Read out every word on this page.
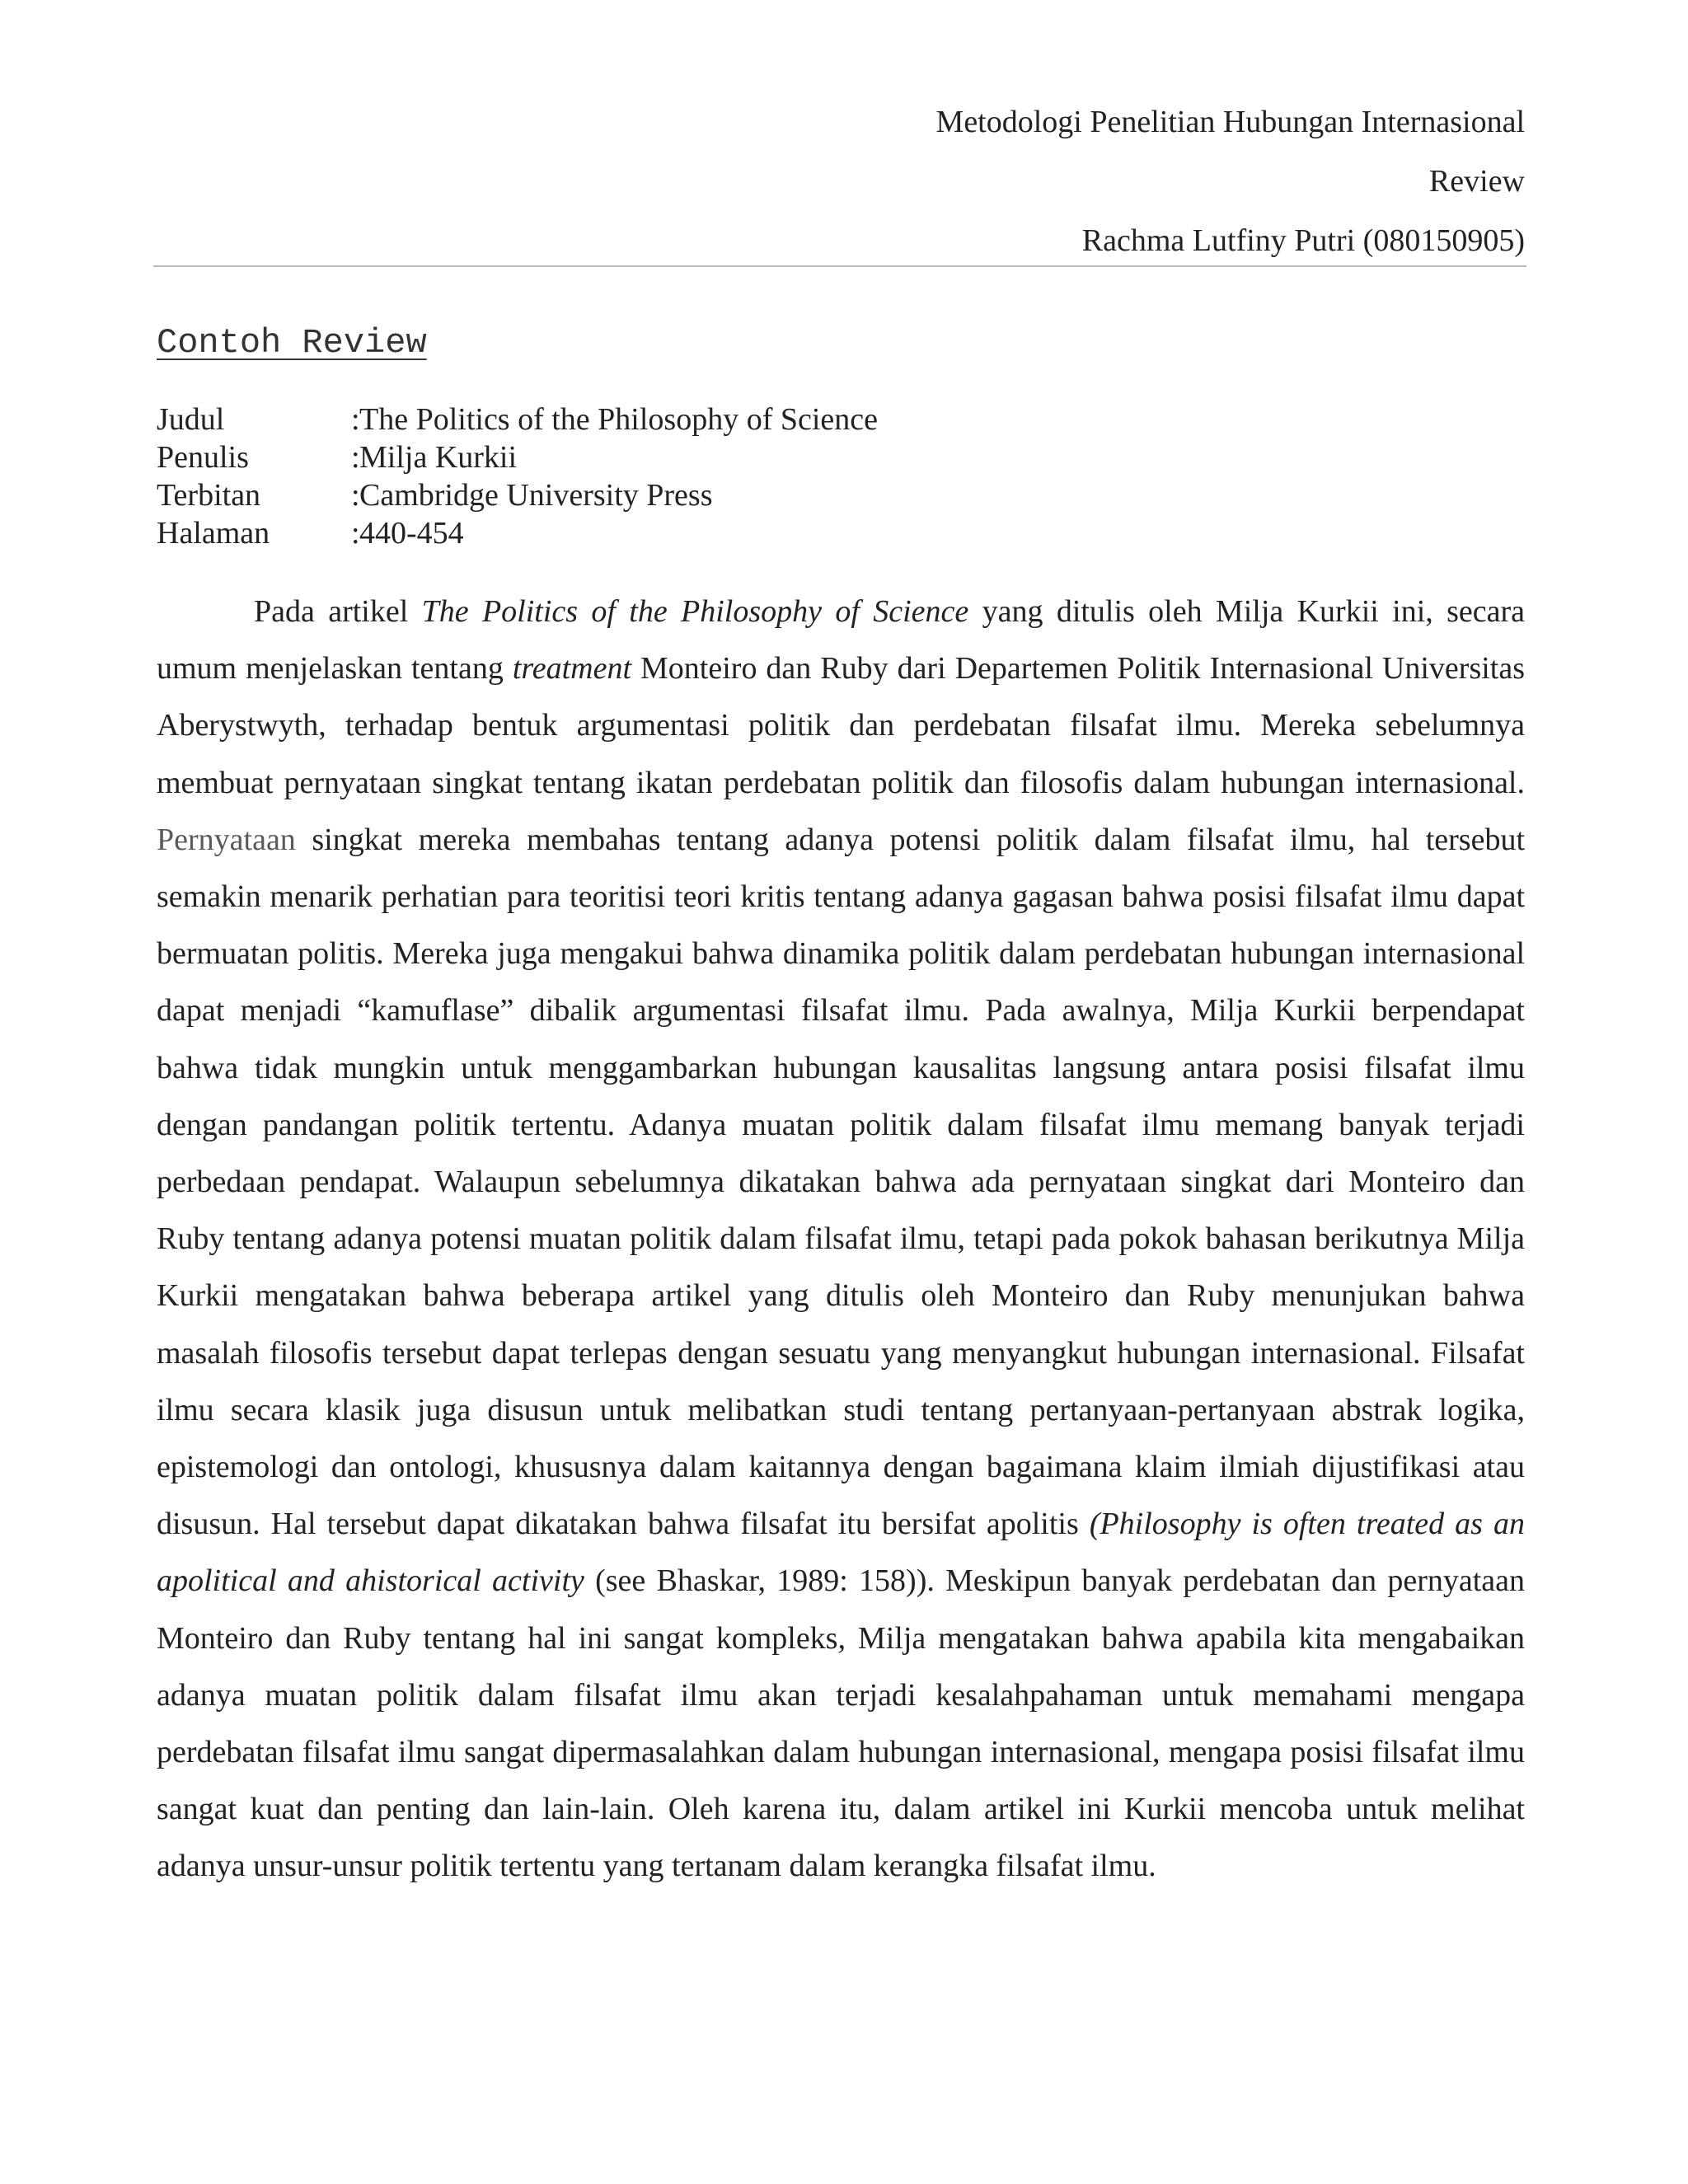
Metodologi Penelitian Hubungan Internasional
Review
Rachma Lutfiny Putri (080150905)
Contoh Review
Judul	: The Politics of the Philosophy of Science
Penulis	: Milja Kurkii
Terbitan	: Cambridge University Press
Halaman	: 440-454

Pada artikel The Politics of the Philosophy of Science yang ditulis oleh Milja Kurkii ini, secara umum menjelaskan tentang treatment Monteiro dan Ruby dari Departemen Politik Internasional Universitas Aberystwyth, terhadap bentuk argumentasi politik dan perdebatan filsafat ilmu. Mereka sebelumnya membuat pernyataan singkat tentang ikatan perdebatan politik dan filosofis dalam hubungan internasional. Pernyataan singkat mereka membahas tentang adanya potensi politik dalam filsafat ilmu, hal tersebut semakin menarik perhatian para teoritisi teori kritis tentang adanya gagasan bahwa posisi filsafat ilmu dapat bermuatan politis. Mereka juga mengakui bahwa dinamika politik dalam perdebatan hubungan internasional dapat menjadi “kamuflase” dibalik argumentasi filsafat ilmu. Pada awalnya, Milja Kurkii berpendapat bahwa tidak mungkin untuk menggambarkan hubungan kausalitas langsung antara posisi filsafat ilmu dengan pandangan politik tertentu. Adanya muatan politik dalam filsafat ilmu memang banyak terjadi perbedaan pendapat. Walaupun sebelumnya dikatakan bahwa ada pernyataan singkat dari Monteiro dan Ruby tentang adanya potensi muatan politik dalam filsafat ilmu, tetapi pada pokok bahasan berikutnya Milja Kurkii mengatakan bahwa beberapa artikel yang ditulis oleh Monteiro dan Ruby menunjukan bahwa masalah filosofis tersebut dapat terlepas dengan sesuatu yang menyangkut hubungan internasional. Filsafat ilmu secara klasik juga disusun untuk melibatkan studi tentang pertanyaan-pertanyaan abstrak logika, epistemologi dan ontologi, khususnya dalam kaitannya dengan bagaimana klaim ilmiah dijustifikasi atau disusun. Hal tersebut dapat dikatakan bahwa filsafat itu bersifat apolitis (Philosophy is often treated as an apolitical and ahistorical activity (see Bhaskar, 1989: 158)). Meskipun banyak perdebatan dan pernyataan Monteiro dan Ruby tentang hal ini sangat kompleks, Milja mengatakan bahwa apabila kita mengabaikan adanya muatan politik dalam filsafat ilmu akan terjadi kesalahpahaman untuk memahami mengapa perdebatan filsafat ilmu sangat dipermasalahkan dalam hubungan internasional, mengapa posisi filsafat ilmu sangat kuat dan penting dan lain-lain. Oleh karena itu, dalam artikel ini Kurkii mencoba untuk melihat adanya unsur-unsur politik tertentu yang tertanam dalam kerangka filsafat ilmu.
